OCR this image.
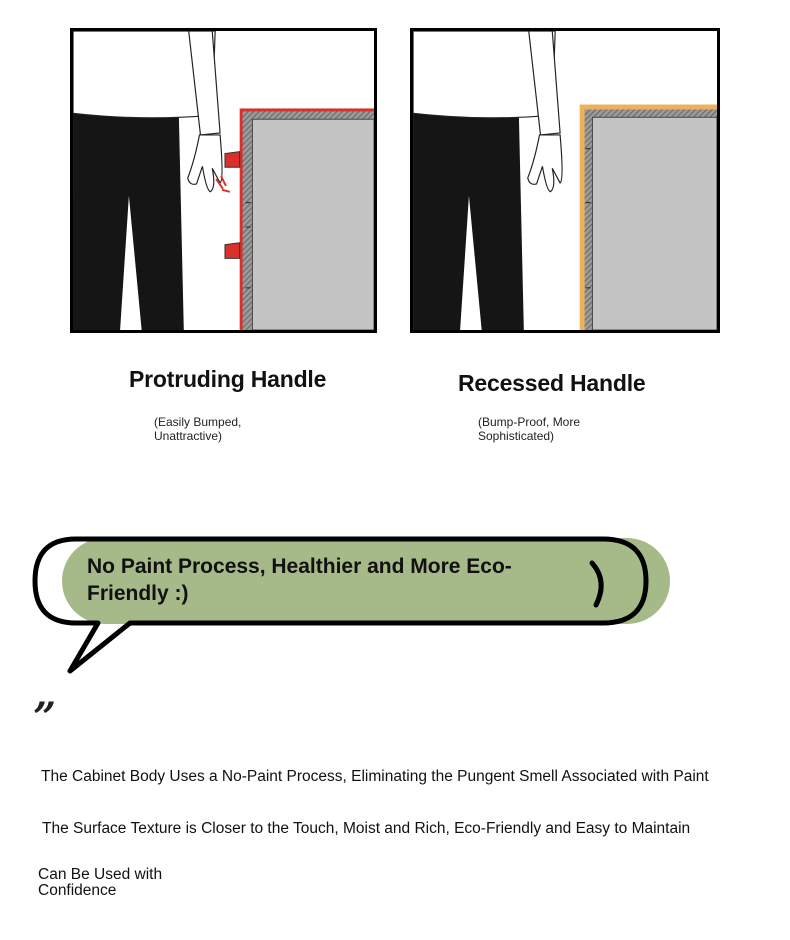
Protruding Handle
(Easily Bumped, Unattractive)
Recessed Handle
(Bump-Proof, More Sophisticated)
No Paint Process, Healthier and More Eco-Friendly :)
”
The Cabinet Body Uses a No-Paint Process, Eliminating the Pungent Smell Associated with Paint
The Surface Texture is Closer to the Touch, Moist and Rich, Eco-Friendly and Easy to Maintain
Can Be Used with Confidence
